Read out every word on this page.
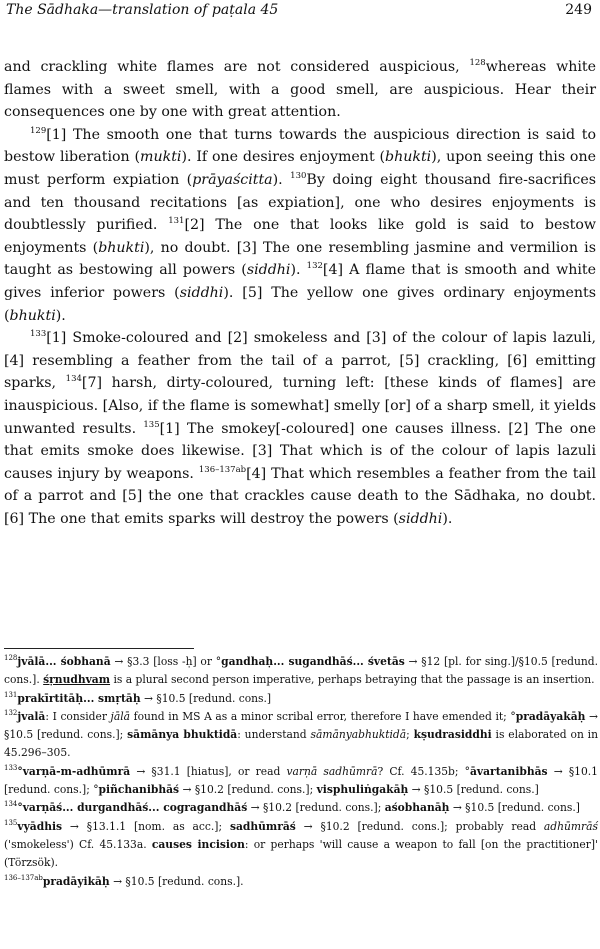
The Sādhaka—translation of paṭala 45	249

and crackling white flames are not considered auspicious, $^{128}$whereas white flames with a sweet smell, with a good smell, are auspicious. Hear their consequences one by one with great attention.

$^{129}$[1] The smooth one that turns towards the auspicious direction is said to bestow liberation (mukti). If one desires enjoyment (bhukti), upon seeing this one must perform expiation (prāyaścitta). $^{130}$By doing eight thousand fire-sacrifices and ten thousand recitations [as expiation], one who desires enjoyments is doubtlessly purified. $^{131}$[2] The one that looks like gold is said to bestow enjoyments (bhukti), no doubt. [3] The one resembling jasmine and vermilion is taught as bestowing all powers (siddhi). $^{132}$[4] A flame that is smooth and white gives inferior powers (siddhi). [5] The yellow one gives ordinary enjoyments (bhukti).

$^{133}$[1] Smoke-coloured and [2] smokeless and [3] of the colour of lapis lazuli, [4] resembling a feather from the tail of a parrot, [5] crackling, [6] emitting sparks, $^{134}$[7] harsh, dirty-coloured, turning left: [these kinds of flames] are inauspicious. [Also, if the flame is somewhat] smelly [or] of a sharp smell, it yields unwanted results. $^{135}$[1] The smokey[-coloured] one causes illness. [2] The one that emits smoke does likewise. [3] That which is of the colour of lapis lazuli causes injury by weapons. $^{136-137ab}$[4] That which resembles a feather from the tail of a parrot and [5] the one that crackles cause death to the Sādhaka, no doubt. [6] The one that emits sparks will destroy the powers (siddhi).

$^{128}$jvālā... śobhanā → §3.3 [loss -ḥ] or °gandhaḥ... sugandhāś... śvetās → §12 [pl. for sing.]/§10.5 [redund. cons.]. śṛnudhvam is a plural second person imperative, perhaps betraying that the passage is an insertion.

$^{131}$prakīrtitāḥ... smṛtāḥ → §10.5 [redund. cons.]

$^{132}$jvalā: I consider jālā found in MS A as a minor scribal error, therefore I have emended it; °pradāyakāḥ → §10.5 [redund. cons.]; sāmānya bhuktidā: understand sāmānyabhuktidā; kṣudrasiddhi is elaborated on in 45.296–305.

$^{133}$°varṇā-m-adhūmrā → §31.1 [hiatus], or read varṇā sadhūmrā? Cf. 45.135b; °āvartanibhās → §10.1 [redund. cons.]; °piñchanibhāś → §10.2 [redund. cons.]; visphuliṅgakāḥ → §10.5 [redund. cons.]

$^{134}$°varṇāś... durgandhāś... cogragandhāś → §10.2 [redund. cons.]; aśobhanāḥ → §10.5 [redund. cons.]

$^{135}$vyādhis → §13.1.1 [nom. as acc.]; sadhūmrāś → §10.2 [redund. cons.]; probably read adhūmrāś ('smokeless') Cf. 45.133a. causes incision: or perhaps 'will cause a weapon to fall [on the practitioner]' (Törzsök).

$^{136-137ab}$pradāyikāḥ → §10.5 [redund. cons.].
